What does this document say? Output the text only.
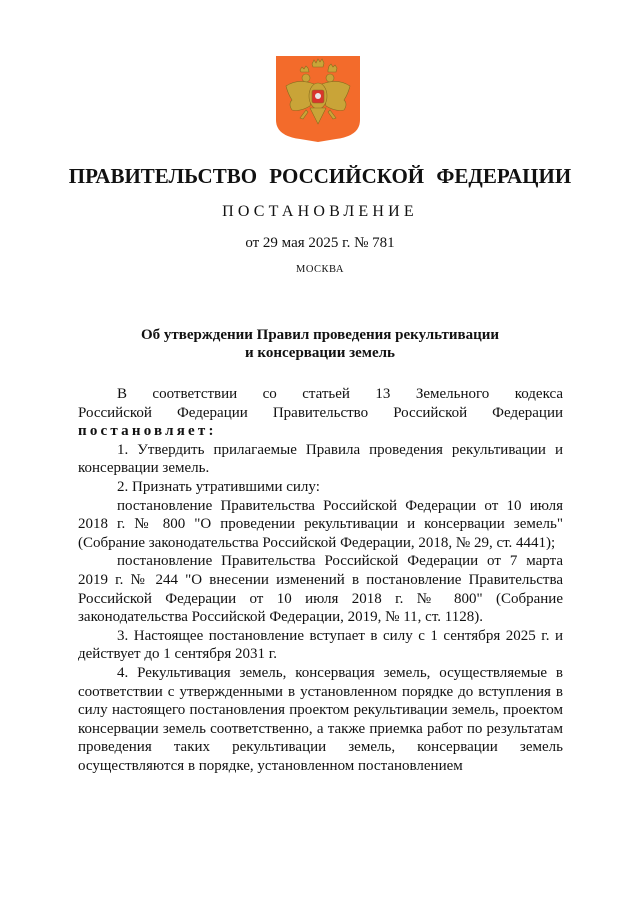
ПРАВИТЕЛЬСТВО РОССИЙСКОЙ ФЕДЕРАЦИИ
ПОСТАНОВЛЕНИЕ
от 29 мая 2025 г. № 781
МОСКВА
Об утверждении Правил проведения рекультивации
и консервации земель

В соответствии со статьей 13 Земельного кодекса

Российской Федерации Правительство Российской Федерации

постановляет:

1. Утвердить прилагаемые Правила проведения рекультивации и консервации земель.

2. Признать утратившими силу:

постановление Правительства Российской Федерации от 10 июля 2018 г. № 800 "О проведении рекультивации и консервации земель" (Собрание законодательства Российской Федерации, 2018, № 29, ст. 4441);

постановление Правительства Российской Федерации от 7 марта 2019 г. № 244 "О внесении изменений в постановление Правительства Российской Федерации от 10 июля 2018 г. № 800" (Собрание законодательства Российской Федерации, 2019, № 11, ст. 1128).

3. Настоящее постановление вступает в силу с 1 сентября 2025 г. и действует до 1 сентября 2031 г.

4. Рекультивация земель, консервация земель, осуществляемые в соответствии с утвержденными в установленном порядке до вступления в силу настоящего постановления проектом рекультивации земель, проектом консервации земель соответственно, а также приемка работ по результатам проведения таких рекультивации земель, консервации земель осуществляются в порядке, установленном постановлением
